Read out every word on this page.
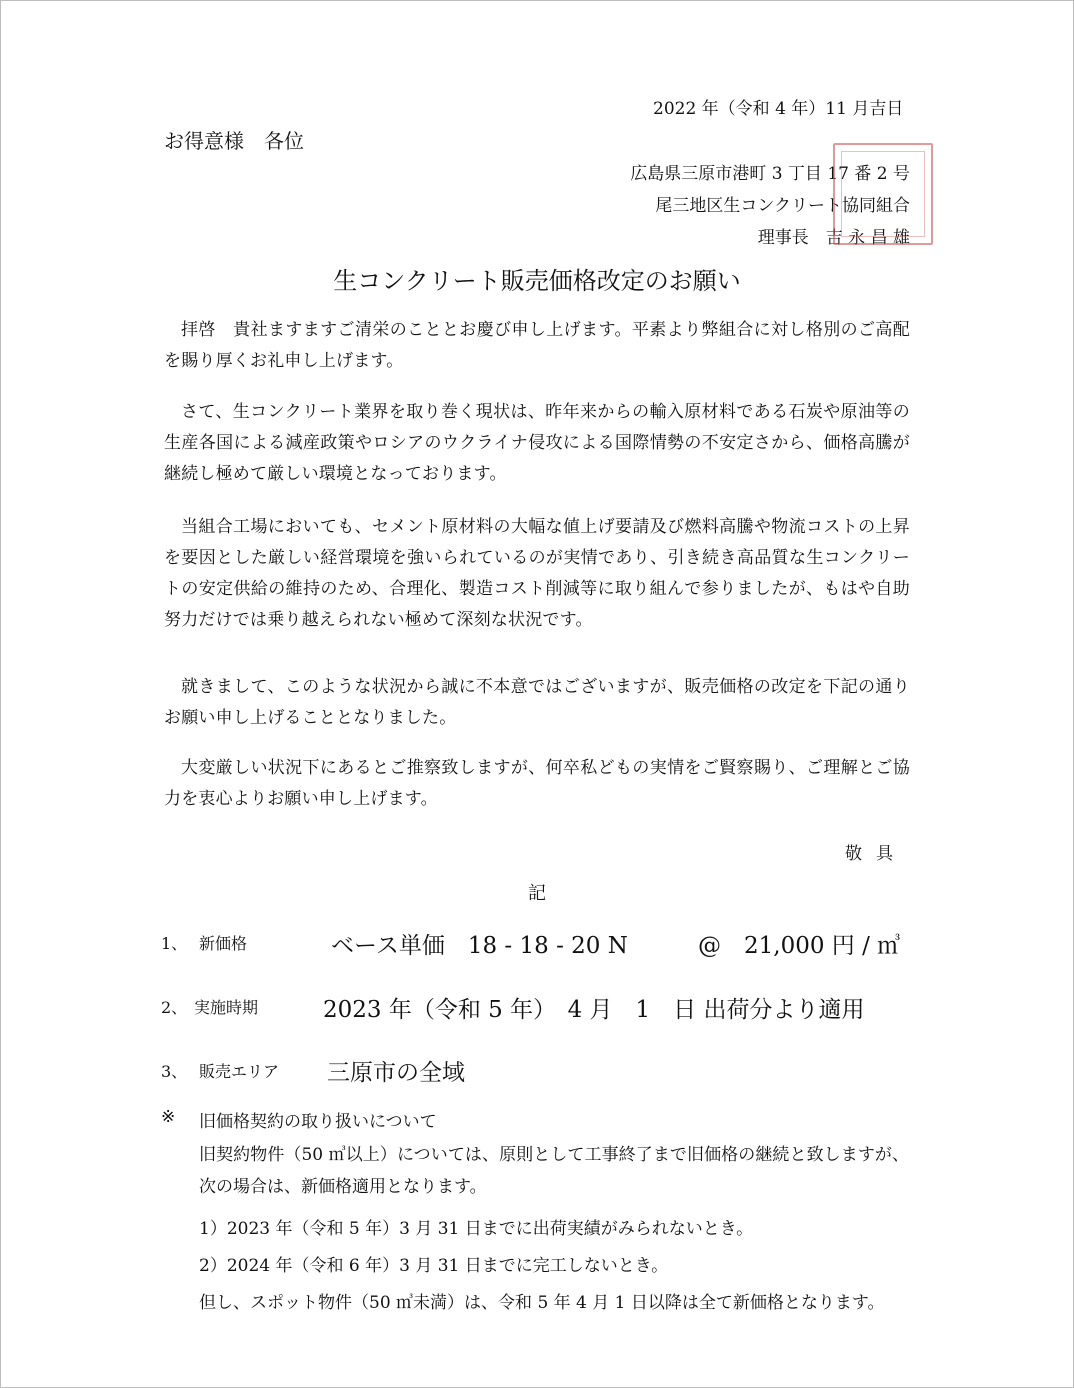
2022 年（令和 4 年）11 月吉日
お得意様　各位
広島県三原市港町 3 丁目 17 番 2 号
尾三地区生コンクリート協同組合
理事長　吉 永 昌 雄
生コンクリート販売価格改定のお願い
拝啓　貴社ますますご清栄のこととお慶び申し上げます。平素より弊組合に対し格別のご高配を賜り厚くお礼申し上げます。
さて、生コンクリート業界を取り巻く現状は、昨年来からの輸入原材料である石炭や原油等の生産各国による減産政策やロシアのウクライナ侵攻による国際情勢の不安定さから、価格高騰が継続し極めて厳しい環境となっております。
当組合工場においても、セメント原材料の大幅な値上げ要請及び燃料高騰や物流コストの上昇を要因とした厳しい経営環境を強いられているのが実情であり、引き続き高品質な生コンクリートの安定供給の維持のため、合理化、製造コスト削減等に取り組んで参りましたが、もはや自助努力だけでは乗り越えられない極めて深刻な状況です。
就きまして、このような状況から誠に不本意ではございますが、販売価格の改定を下記の通りお願い申し上げることとなりました。
大変厳しい状況下にあるとご推察致しますが、何卒私どもの実情をご賢察賜り、ご理解とご協力を衷心よりお願い申し上げます。
敬具
記
1、 新価格	ベース単価　18 - 18 - 20 N	@　21,000 円 / ㎥
2、 実施時期	2023 年（令和 5 年）　4 月　1　日 出荷分より適用
3、 販売エリア 三原市の全域
※ 旧価格契約の取り扱いについて
旧契約物件（50 ㎥以上）については、原則として工事終了まで旧価格の継続と致しますが、次の場合は、新価格適用となります。
1）2023 年（令和 5 年）3 月 31 日までに出荷実績がみられないとき。
2）2024 年（令和 6 年）3 月 31 日までに完工しないとき。
但し、スポット物件（50 ㎥未満）は、令和 5 年 4 月 1 日以降は全て新価格となります。
